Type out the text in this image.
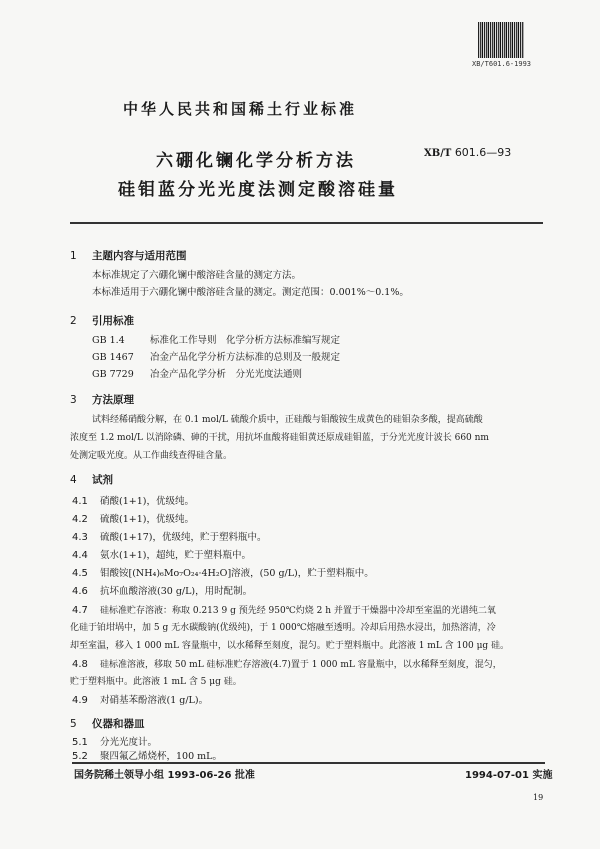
XB/T601.6-1993
中华人民共和国稀土行业标准
六硼化镧化学分析方法
硅钼蓝分光光度法测定酸溶硅量
XB/T 601.6—93
1 主题内容与适用范围
本标准规定了六硼化镧中酸溶硅含量的测定方法。
本标准适用于六硼化镧中酸溶硅含量的测定。测定范围：0.001%～0.1%。
2 引用标准
GB 1.4	标准化工作导则　化学分析方法标准编写规定
GB 1467 冶金产品化学分析方法标准的总则及一般规定
GB 7729 冶金产品化学分析　分光光度法通则
3 方法原理
试料经稀硝酸分解，在 0.1 mol/L 硫酸介质中，正硅酸与钼酸铵生成黄色的硅钼杂多酸，提高硫酸
浓度至 1.2 mol/L 以消除磷、砷的干扰，用抗坏血酸将硅钼黄还原成硅钼蓝，于分光光度计波长 660 nm
处测定吸光度。从工作曲线查得硅含量。
4 试剂
4.1 硝酸(1+1)，优级纯。
4.2 硫酸(1+1)，优级纯。
4.3 硫酸(1+17)，优级纯，贮于塑料瓶中。
4.4 氨水(1+1)，超纯，贮于塑料瓶中。
4.5 钼酸铵[(NH₄)₆Mo₇O₂₄·4H₂O]溶液，(50 g/L)，贮于塑料瓶中。
4.6 抗坏血酸溶液(30 g/L)，用时配制。
4.7 硅标准贮存溶液：称取 0.213 9 g 预先经 950℃灼烧 2 h 并置于干燥器中冷却至室温的光谱纯二氧
化硅于铂坩埚中，加 5 g 无水碳酸钠(优级纯)，于 1 000℃熔融至透明。冷却后用热水浸出，加热溶清，冷
却至室温，移入 1 000 mL 容量瓶中，以水稀释至刻度，混匀。贮于塑料瓶中。此溶液 1 mL 含 100 μg 硅。
4.8 硅标准溶液，移取 50 mL 硅标准贮存溶液(4.7)置于 1 000 mL 容量瓶中，以水稀释至刻度，混匀，
贮于塑料瓶中。此溶液 1 mL 含 5 μg 硅。
4.9 对硝基苯酚溶液(1 g/L)。
5 仪器和器皿
5.1 分光光度计。
5.2 聚四氟乙烯烧杯，100 mL。
国务院稀土领导小组 1993-06-26 批准	1994-07-01 实施
19
